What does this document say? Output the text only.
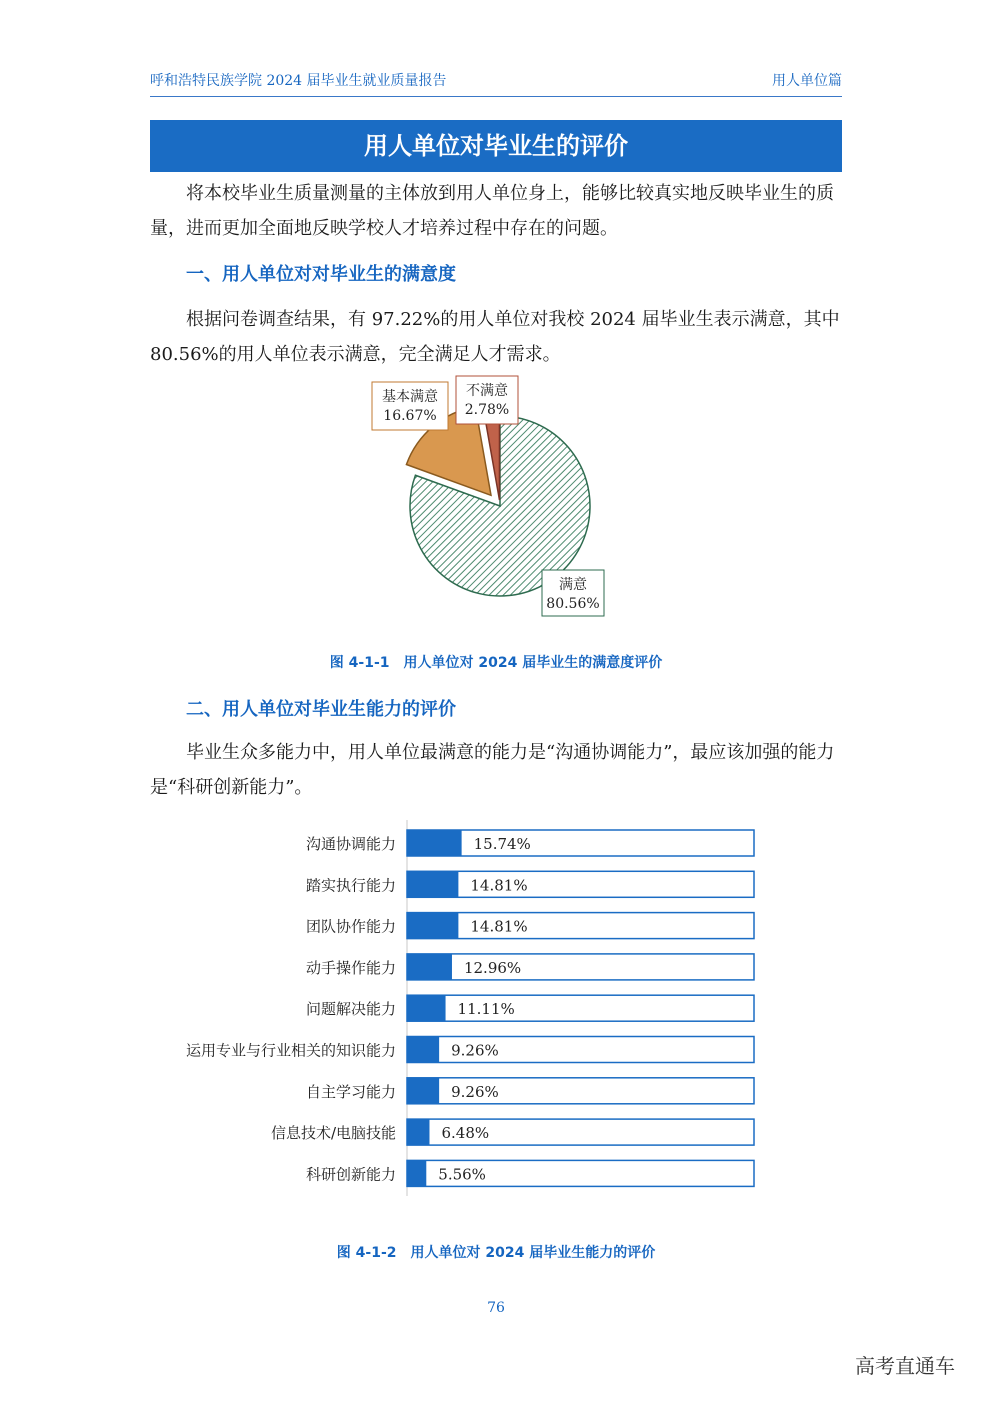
呼和浩特民族学院 2024 届毕业生就业质量报告	用人单位篇
用人单位对毕业生的评价

将本校毕业生质量测量的主体放到用人单位身上，能够比较真实地反映毕业生的质量，进而更加全面地反映学校人才培养过程中存在的问题。

一、用人单位对对毕业生的满意度

根据问卷调查结果，有 97.22%的用人单位对我校 2024 届毕业生表示满意，其中 80.56%的用人单位表示满意，完全满足人才需求。

满意
80.56%
基本满意
16.67%
不满意
2.78%
图 4-1-1　用人单位对 2024 届毕业生的满意度评价
二、用人单位对毕业生能力的评价

毕业生众多能力中，用人单位最满意的能力是“沟通协调能力”，最应该加强的能力是“科研创新能力”。

沟通协调能力	15.74%
踏实执行能力	14.81%
团队协作能力	14.81%
动手操作能力	12.96%
问题解决能力	11.11%
运用专业与行业相关的知识能力	9.26%
自主学习能力	9.26%
信息技术/电脑技能	6.48%
科研创新能力	5.56%
图 4-1-2　用人单位对 2024 届毕业生能力的评价
76
高考直通车
